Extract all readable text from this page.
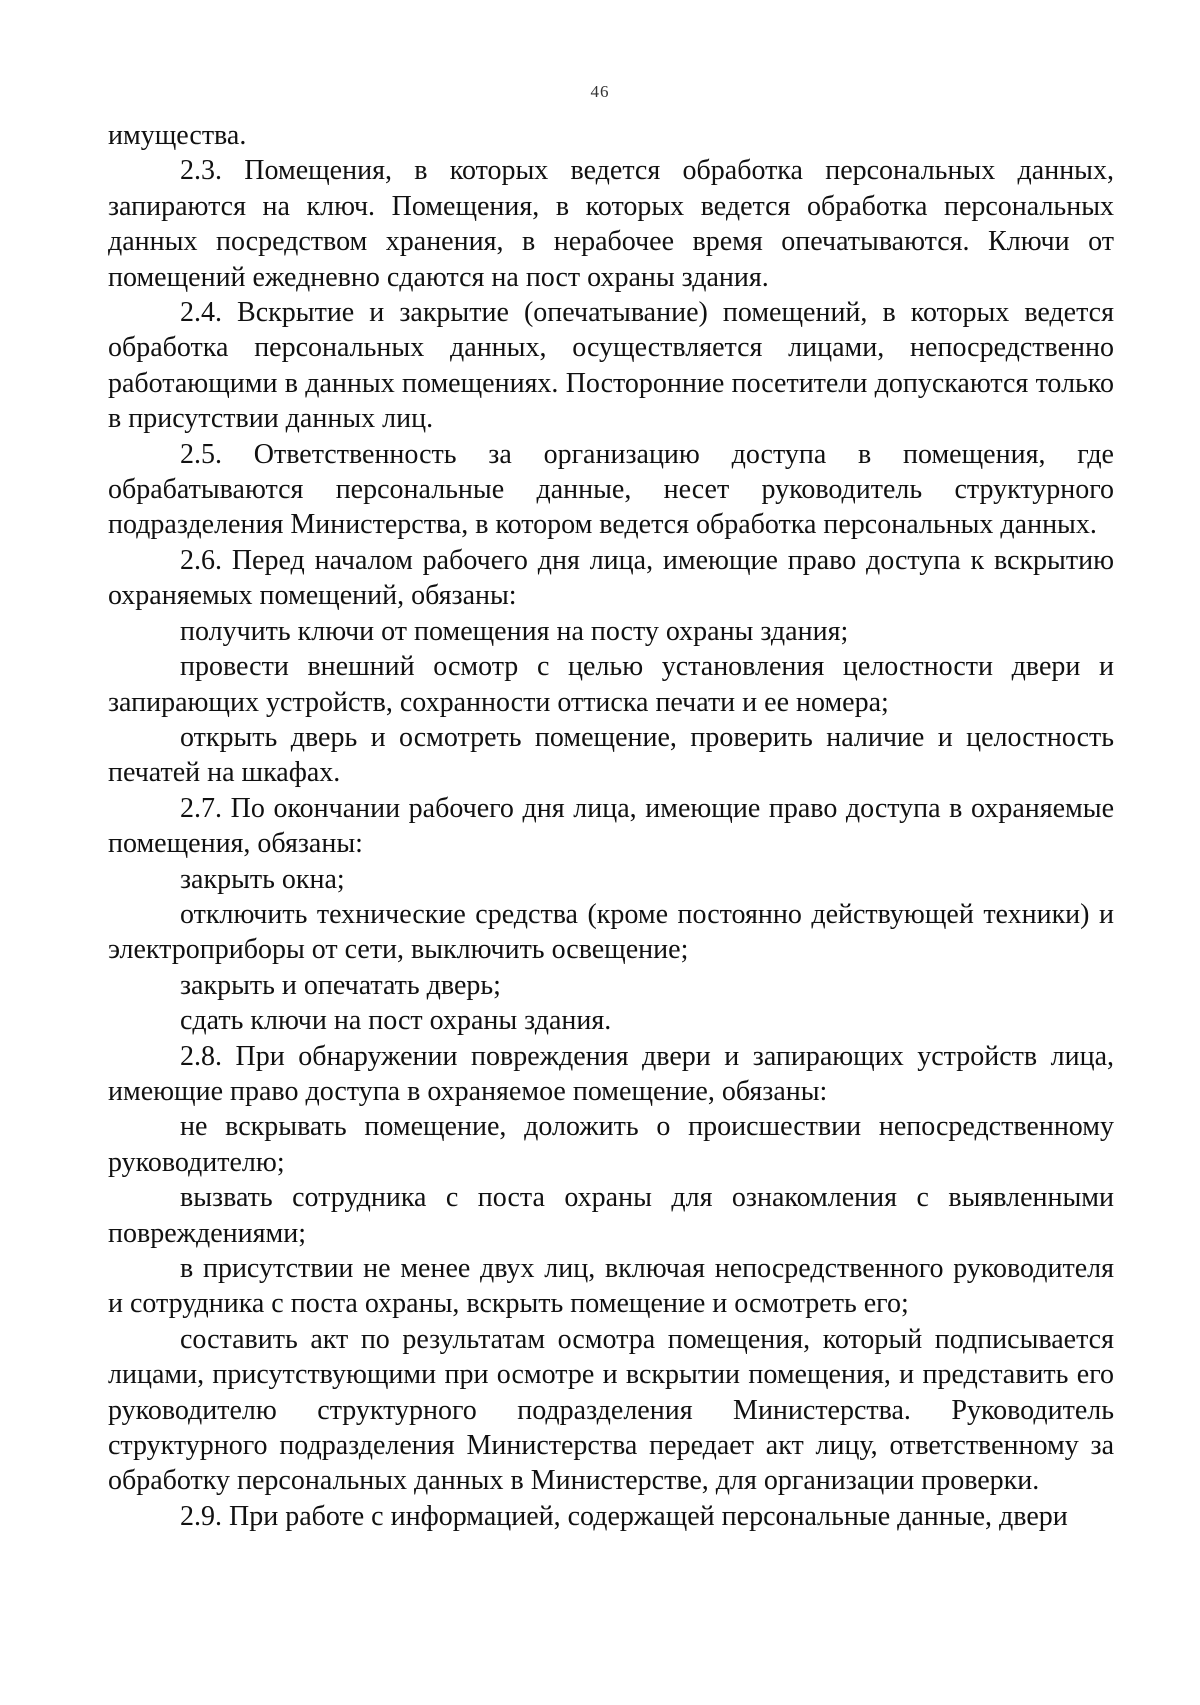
46

имущества.

2.3. Помещения, в которых ведется обработка персональных данных, запираются на ключ. Помещения, в которых ведется обработка персональных данных посредством хранения, в нерабочее время опечатываются. Ключи от помещений ежедневно сдаются на пост охраны здания.

2.4. Вскрытие и закрытие (опечатывание) помещений, в которых ведется обработка персональных данных, осуществляется лицами, непосредственно работающими в данных помещениях. Посторонние посетители допускаются только в присутствии данных лиц.

2.5. Ответственность за организацию доступа в помещения, где обрабатываются персональные данные, несет руководитель структурного подразделения Министерства, в котором ведется обработка персональных данных.

2.6. Перед началом рабочего дня лица, имеющие право доступа к вскрытию охраняемых помещений, обязаны:

получить ключи от помещения на посту охраны здания;

провести внешний осмотр с целью установления целостности двери и запирающих устройств, сохранности оттиска печати и ее номера;

открыть дверь и осмотреть помещение, проверить наличие и целостность печатей на шкафах.

2.7. По окончании рабочего дня лица, имеющие право доступа в охраняемые помещения, обязаны:

закрыть окна;

отключить технические средства (кроме постоянно действующей техники) и электроприборы от сети, выключить освещение;

закрыть и опечатать дверь;

сдать ключи на пост охраны здания.

2.8. При обнаружении повреждения двери и запирающих устройств лица, имеющие право доступа в охраняемое помещение, обязаны:

не вскрывать помещение, доложить о происшествии непосредственному руководителю;

вызвать сотрудника с поста охраны для ознакомления с выявленными повреждениями;

в присутствии не менее двух лиц, включая непосредственного руководителя и сотрудника с поста охраны, вскрыть помещение и осмотреть его;

составить акт по результатам осмотра помещения, который подписывается лицами, присутствующими при осмотре и вскрытии помещения, и представить его руководителю структурного подразделения Министерства. Руководитель структурного подразделения Министерства передает акт лицу, ответственному за обработку персональных данных в Министерстве, для организации проверки.

2.9. При работе с информацией, содержащей персональные данные, двери
